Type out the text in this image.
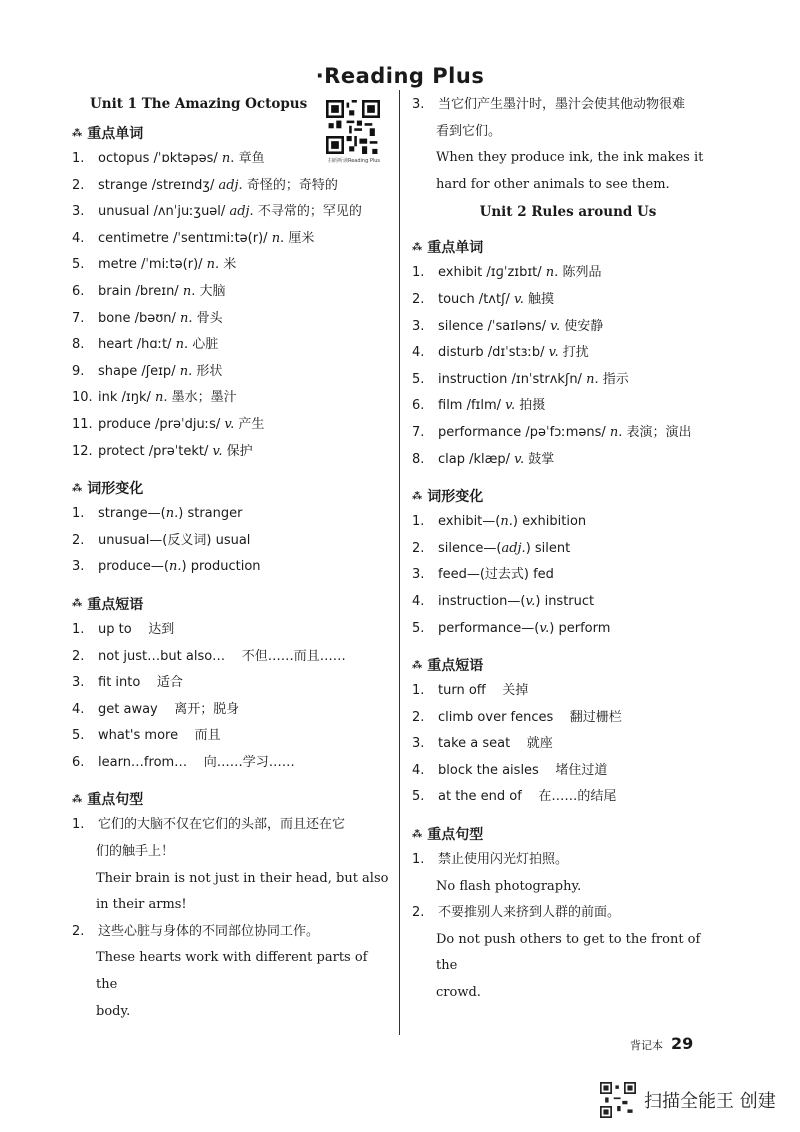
·Reading Plus
Unit 1 The Amazing Octopus
扫码听读Reading Plus
⁂ 重点单词
1. octopus /ˈɒktəpəs/ n. 章鱼
2. strange /streɪndʒ/ adj. 奇怪的；奇特的
3. unusual /ʌnˈjuːʒuəl/ adj. 不寻常的；罕见的
4. centimetre /ˈsentɪmiːtə(r)/ n. 厘米
5. metre /ˈmiːtə(r)/ n. 米
6. brain /breɪn/ n. 大脑
7. bone /bəʊn/ n. 骨头
8. heart /hɑːt/ n. 心脏
9. shape /ʃeɪp/ n. 形状
10. ink /ɪŋk/ n. 墨水；墨汁
11. produce /prəˈdjuːs/ v. 产生
12. protect /prəˈtekt/ v. 保护
⁂ 词形变化
1. strange—(n.) stranger
2. unusual—(反义词) usual
3. produce—(n.) production
⁂ 重点短语
1. up to    达到
2. not just…but also…    不但……而且……
3. fit into    适合
4. get away    离开；脱身
5. what's more    而且
6. learn…from…    向……学习……
⁂ 重点句型
1.	它们的大脑不仅在它们的头部，而且还在它
们的触手上！
Their brain is not just in their head, but also
in their arms!
2.	这些心脏与身体的不同部位协同工作。
These hearts work with different parts of the
body.
3.	当它们产生墨汁时，墨汁会使其他动物很难
看到它们。
When they produce ink, the ink makes it
hard for other animals to see them.
Unit 2 Rules around Us
⁂ 重点单词
1. exhibit /ɪɡˈzɪbɪt/ n. 陈列品
2. touch /tʌtʃ/ v. 触摸
3. silence /ˈsaɪləns/ v. 使安静
4. disturb /dɪˈstɜːb/ v. 打扰
5. instruction /ɪnˈstrʌkʃn/ n. 指示
6. film /fɪlm/ v. 拍摄
7. performance /pəˈfɔːməns/ n. 表演；演出
8. clap /klæp/ v. 鼓掌
⁂ 词形变化
1. exhibit—(n.) exhibition
2. silence—(adj.) silent
3. feed—(过去式) fed
4. instruction—(v.) instruct
5. performance—(v.) perform
⁂ 重点短语
1. turn off    关掉
2. climb over fences    翻过栅栏
3. take a seat    就座
4. block the aisles    堵住过道
5. at the end of    在……的结尾
⁂ 重点句型
1.	禁止使用闪光灯拍照。
No flash photography.
2.	不要推别人来挤到人群的前面。
Do not push others to get to the front of the
crowd.
背记本 29
扫描全能王 创建
